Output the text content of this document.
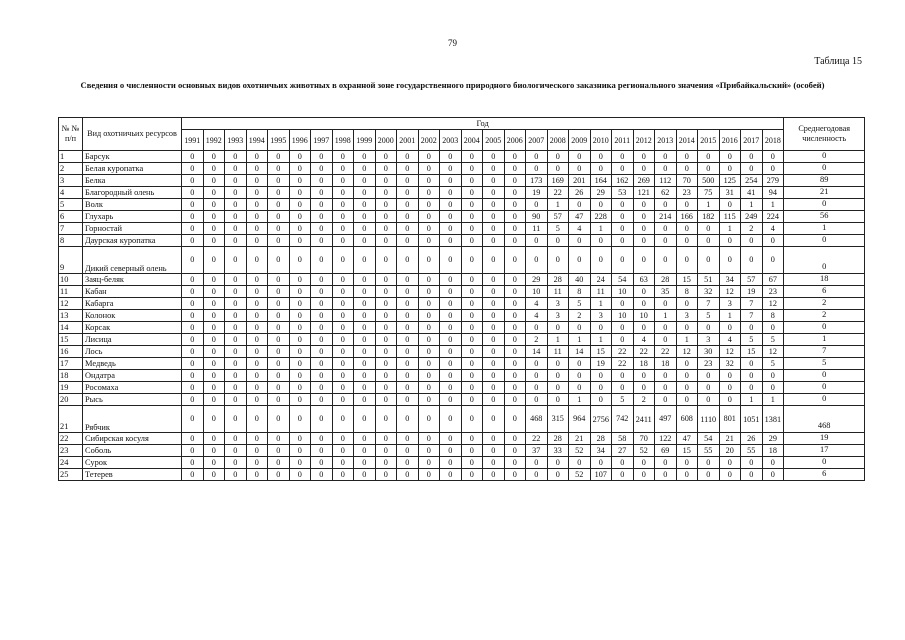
79
Таблица 15
Сведения о численности основных видов охотничьих животных в охранной зоне государственного природного биологического заказника регионального значения «Прибайкальский» (особей)
№ № п/п	Вид охотничьих ресурсов	Год																												Среднегодовая численность
		1991	1992	1993	1994	1995	1996	1997	1998	1999	2000	2001	2002	2003	2004	2005	2006	2007	2008	2009	2010	2011	2012	2013	2014	2015	2016	2017	2018	
1	Барсук	0	0	0	0	0	0	0	0	0	0	0	0	0	0	0	0	0	0	0	0	0	0	0	0	0	0	0	0	0
2	Белая куропатка	0	0	0	0	0	0	0	0	0	0	0	0	0	0	0	0	0	0	0	0	0	0	0	0	0	0	0	0	0
3	Белка	0	0	0	0	0	0	0	0	0	0	0	0	0	0	0	0	173	169	201	164	162	269	112	70	500	125	254	279	89
4	Благородный олень	0	0	0	0	0	0	0	0	0	0	0	0	0	0	0	0	19	22	26	29	53	121	62	23	75	31	41	94	21
5	Волк	0	0	0	0	0	0	0	0	0	0	0	0	0	0	0	0	0	1	0	0	0	0	0	0	1	0	1	1	0
6	Глухарь	0	0	0	0	0	0	0	0	0	0	0	0	0	0	0	0	90	57	47	228	0	0	214	166	182	115	249	224	56
7	Горностай	0	0	0	0	0	0	0	0	0	0	0	0	0	0	0	0	11	5	4	1	0	0	0	0	0	1	2	4	1
8	Даурская куропатка	0	0	0	0	0	0	0	0	0	0	0	0	0	0	0	0	0	0	0	0	0	0	0	0	0	0	0	0	0
9	Дикий северный олень	0	0	0	0	0	0	0	0	0	0	0	0	0	0	0	0	0	0	0	0	0	0	0	0	0	0	0	0	0
10	Заяц-беляк	0	0	0	0	0	0	0	0	0	0	0	0	0	0	0	0	29	28	40	24	54	63	28	15	51	34	57	67	18
11	Кабан	0	0	0	0	0	0	0	0	0	0	0	0	0	0	0	0	10	11	8	11	10	0	35	8	32	12	19	23	6
12	Кабарга	0	0	0	0	0	0	0	0	0	0	0	0	0	0	0	0	4	3	5	1	0	0	0	0	7	3	7	12	2
13	Колонок	0	0	0	0	0	0	0	0	0	0	0	0	0	0	0	0	4	3	2	3	10	10	1	3	5	1	7	8	2
14	Корсак	0	0	0	0	0	0	0	0	0	0	0	0	0	0	0	0	0	0	0	0	0	0	0	0	0	0	0	0	0
15	Лисица	0	0	0	0	0	0	0	0	0	0	0	0	0	0	0	0	2	1	1	1	0	4	0	1	3	4	5	5	1
16	Лось	0	0	0	0	0	0	0	0	0	0	0	0	0	0	0	0	14	11	14	15	22	22	22	12	30	12	15	12	7
17	Медведь	0	0	0	0	0	0	0	0	0	0	0	0	0	0	0	0	0	0	0	19	22	18	18	0	23	32	0	5	5
18	Ондатра	0	0	0	0	0	0	0	0	0	0	0	0	0	0	0	0	0	0	0	0	0	0	0	0	0	0	0	0	0
19	Росомаха	0	0	0	0	0	0	0	0	0	0	0	0	0	0	0	0	0	0	0	0	0	0	0	0	0	0	0	0	0
20	Рысь	0	0	0	0	0	0	0	0	0	0	0	0	0	0	0	0	0	0	1	0	5	2	0	0	0	0	1	1	0
21	Рябчик	0	0	0	0	0	0	0	0	0	0	0	0	0	0	0	0	468	315	964	2756	742	2411	497	608	1110	801	1051	1381	468
22	Сибирская косуля	0	0	0	0	0	0	0	0	0	0	0	0	0	0	0	0	22	28	21	28	58	70	122	47	54	21	26	29	19
23	Соболь	0	0	0	0	0	0	0	0	0	0	0	0	0	0	0	0	37	33	52	34	27	52	69	15	55	20	55	18	17
24	Сурок	0	0	0	0	0	0	0	0	0	0	0	0	0	0	0	0	0	0	0	0	0	0	0	0	0	0	0	0	0
25	Тетерев	0	0	0	0	0	0	0	0	0	0	0	0	0	0	0	0	0	0	52	107	0	0	0	0	0	0	0	0	6
